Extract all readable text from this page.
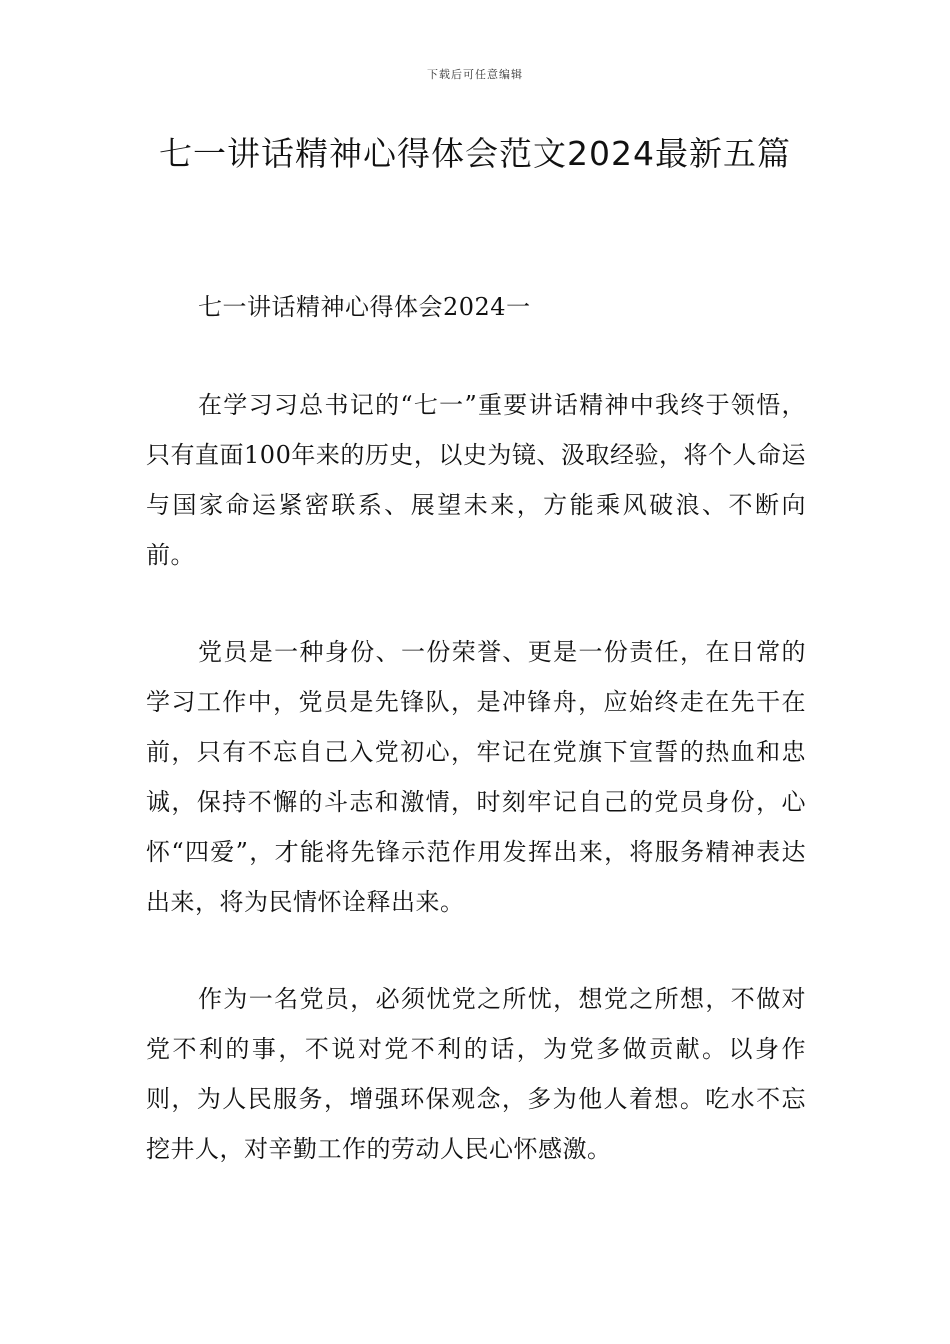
下载后可任意编辑
七一讲话精神心得体会范文2024最新五篇

七一讲话精神心得体会2024一

在学习习总书记的“七一”重要讲话精神中我终于领悟，只有直面100年来的历史，以史为镜、汲取经验，将个人命运与国家命运紧密联系、展望未来，方能乘风破浪、不断向前。

党员是一种身份、一份荣誉、更是一份责任，在日常的学习工作中，党员是先锋队，是冲锋舟，应始终走在先干在前，只有不忘自己入党初心，牢记在党旗下宣誓的热血和忠诚，保持不懈的斗志和激情，时刻牢记自己的党员身份，心怀“四爱”，才能将先锋示范作用发挥出来，将服务精神表达出来，将为民情怀诠释出来。

作为一名党员，必须忧党之所忧，想党之所想，不做对党不利的事，不说对党不利的话，为党多做贡献。以身作则，为人民服务，增强环保观念，多为他人着想。吃水不忘挖井人，对辛勤工作的劳动人民心怀感激。
